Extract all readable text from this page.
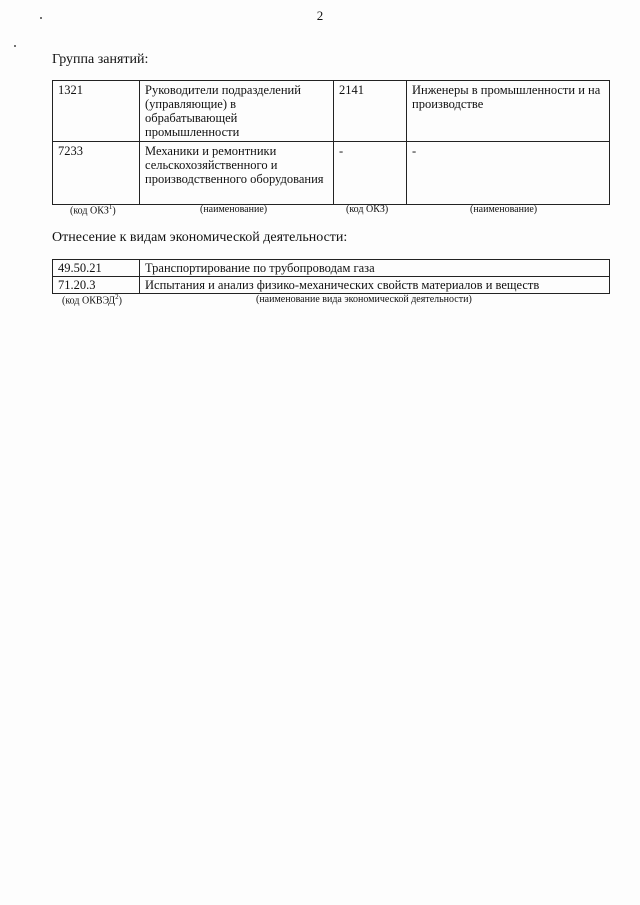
2
Группа занятий:
1321	Руководители подразделений (управляющие) в обрабатывающей промышленности	2141	Инженеры в промышленности и на производстве
7233	Механики и ремонтники сельскохозяйственного и производственного оборудования	-	-
(код ОКЗ$^1$)	(наименование)	(код ОКЗ)	(наименование)
Отнесение к видам экономической деятельности:
49.50.21	Транспортирование по трубопроводам газа
71.20.3	Испытания и анализ физико-механических свойств материалов и веществ
(код ОКВЭД$^2$)	(наименование вида экономической деятельности)
